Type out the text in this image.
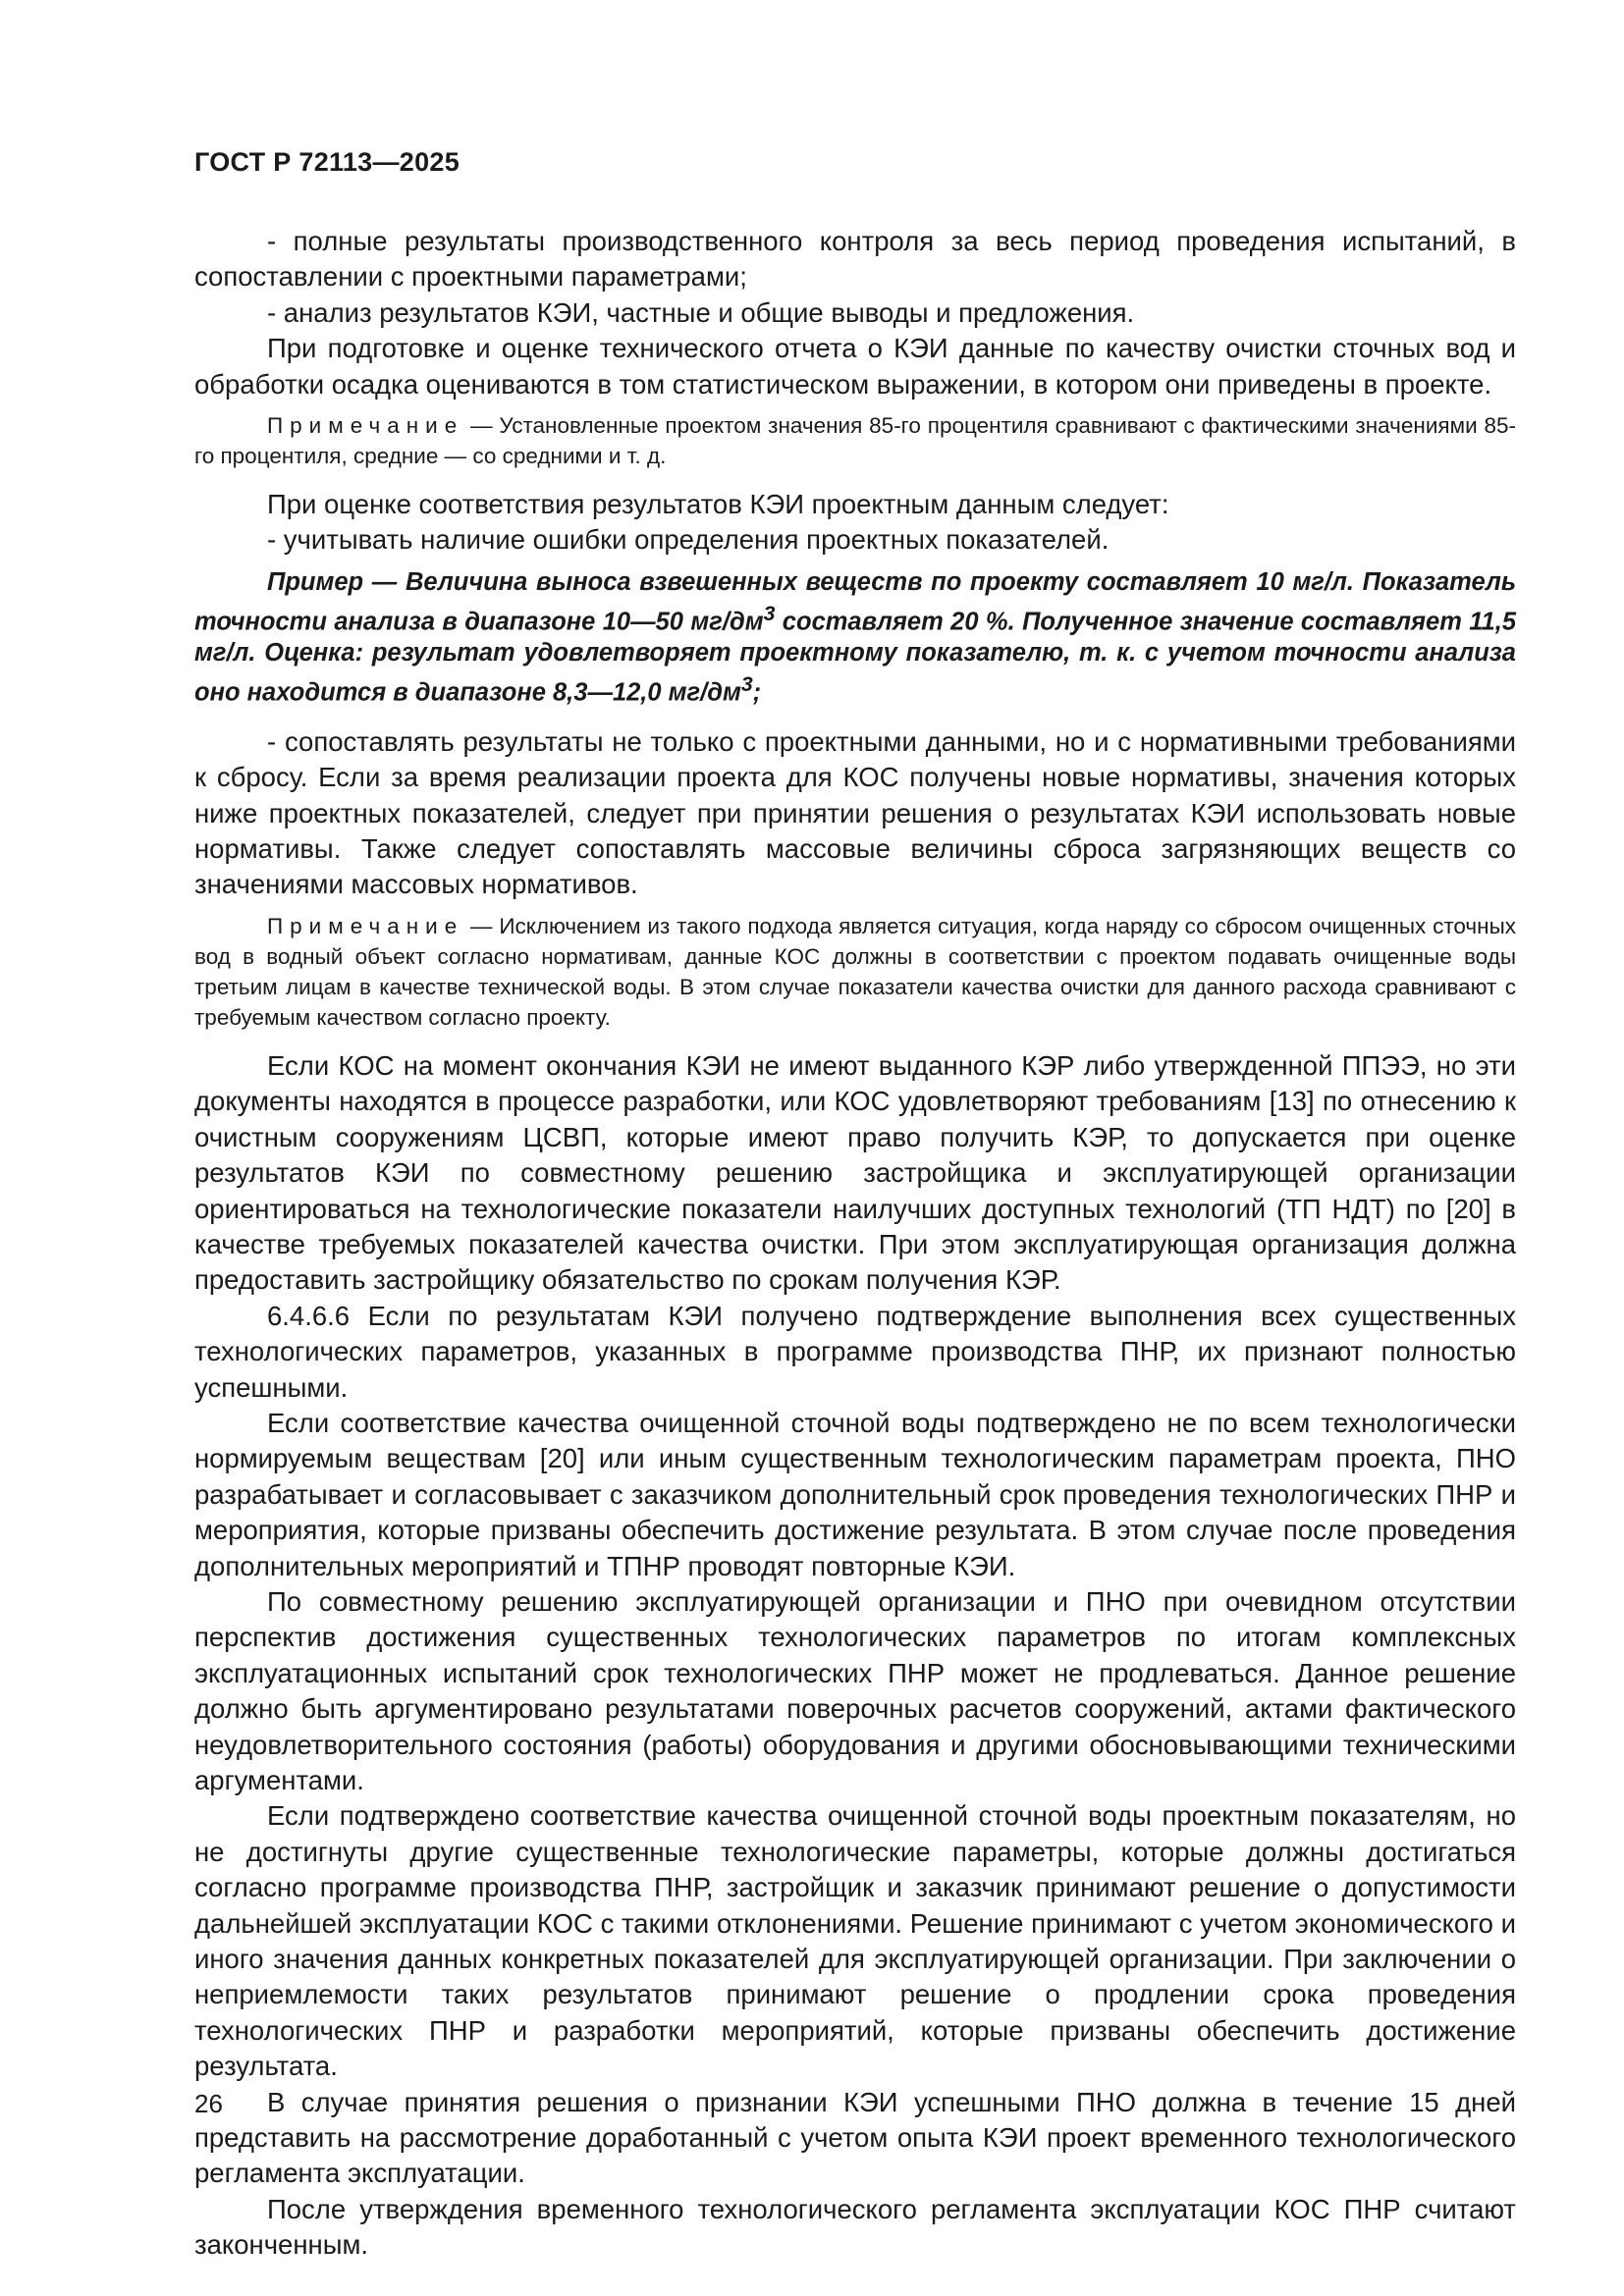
ГОСТ Р 72113—2025

- полные результаты производственного контроля за весь период проведения испытаний, в сопоставлении с проектными параметрами;

- анализ результатов КЭИ, частные и общие выводы и предложения.

При подготовке и оценке технического отчета о КЭИ данные по качеству очистки сточных вод и обработки осадка оцениваются в том статистическом выражении, в котором они приведены в проекте.

Примечание — Установленные проектом значения 85-го процентиля сравнивают с фактическими значениями 85-го процентиля, средние — со средними и т. д.

При оценке соответствия результатов КЭИ проектным данным следует:

- учитывать наличие ошибки определения проектных показателей.

Пример — Величина выноса взвешенных веществ по проекту составляет 10 мг/л. Показатель точности анализа в диапазоне 10—50 $мг/дм^3$ составляет 20 %. Полученное значение составляет 11,5 мг/л. Оценка: результат удовлетворяет проектному показателю, т. к. с учетом точности анализа оно находится в диапазоне 8,3—12,0 $мг/дм^3$;

- сопоставлять результаты не только с проектными данными, но и с нормативными требованиями к сбросу. Если за время реализации проекта для КОС получены новые нормативы, значения которых ниже проектных показателей, следует при принятии решения о результатах КЭИ использовать новые нормативы. Также следует сопоставлять массовые величины сброса загрязняющих веществ со значениями массовых нормативов.

Примечание — Исключением из такого подхода является ситуация, когда наряду со сбросом очищенных сточных вод в водный объект согласно нормативам, данные КОС должны в соответствии с проектом подавать очищенные воды третьим лицам в качестве технической воды. В этом случае показатели качества очистки для данного расхода сравнивают с требуемым качеством согласно проекту.

Если КОС на момент окончания КЭИ не имеют выданного КЭР либо утвержденной ППЭЭ, но эти документы находятся в процессе разработки, или КОС удовлетворяют требованиям [13] по отнесению к очистным сооружениям ЦСВП, которые имеют право получить КЭР, то допускается при оценке результатов КЭИ по совместному решению застройщика и эксплуатирующей организации ориентироваться на технологические показатели наилучших доступных технологий (ТП НДТ) по [20] в качестве требуемых показателей качества очистки. При этом эксплуатирующая организация должна предоставить застройщику обязательство по срокам получения КЭР.

6.4.6.6 Если по результатам КЭИ получено подтверждение выполнения всех существенных технологических параметров, указанных в программе производства ПНР, их признают полностью успешными.

Если соответствие качества очищенной сточной воды подтверждено не по всем технологически нормируемым веществам [20] или иным существенным технологическим параметрам проекта, ПНО разрабатывает и согласовывает с заказчиком дополнительный срок проведения технологических ПНР и мероприятия, которые призваны обеспечить достижение результата. В этом случае после проведения дополнительных мероприятий и ТПНР проводят повторные КЭИ.

По совместному решению эксплуатирующей организации и ПНО при очевидном отсутствии перспектив достижения существенных технологических параметров по итогам комплексных эксплуатационных испытаний срок технологических ПНР может не продлеваться. Данное решение должно быть аргументировано результатами поверочных расчетов сооружений, актами фактического неудовлетворительного состояния (работы) оборудования и другими обосновывающими техническими аргументами.

Если подтверждено соответствие качества очищенной сточной воды проектным показателям, но не достигнуты другие существенные технологические параметры, которые должны достигаться согласно программе производства ПНР, застройщик и заказчик принимают решение о допустимости дальнейшей эксплуатации КОС с такими отклонениями. Решение принимают с учетом экономического и иного значения данных конкретных показателей для эксплуатирующей организации. При заключении о неприемлемости таких результатов принимают решение о продлении срока проведения технологических ПНР и разработки мероприятий, которые призваны обеспечить достижение результата.

В случае принятия решения о признании КЭИ успешными ПНО должна в течение 15 дней представить на рассмотрение доработанный с учетом опыта КЭИ проект временного технологического регламента эксплуатации.

После утверждения временного технологического регламента эксплуатации КОС ПНР считают законченным.

26
